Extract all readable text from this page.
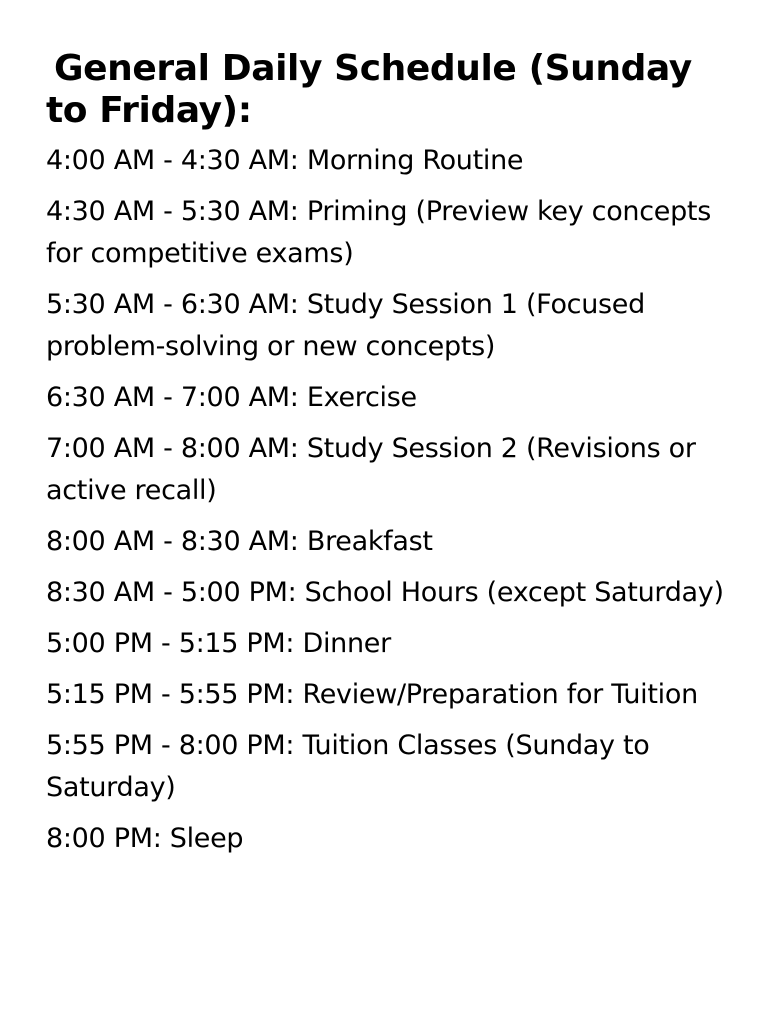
General Daily Schedule (Sunday to Friday):
4:00 AM - 4:30 AM: Morning Routine
4:30 AM - 5:30 AM: Priming (Preview key concepts for competitive exams)
5:30 AM - 6:30 AM: Study Session 1 (Focused problem-solving or new concepts)
6:30 AM - 7:00 AM: Exercise
7:00 AM - 8:00 AM: Study Session 2 (Revisions or active recall)
8:00 AM - 8:30 AM: Breakfast
8:30 AM - 5:00 PM: School Hours (except Saturday)
5:00 PM - 5:15 PM: Dinner
5:15 PM - 5:55 PM: Review/Preparation for Tuition
5:55 PM - 8:00 PM: Tuition Classes (Sunday to Saturday)
8:00 PM: Sleep
